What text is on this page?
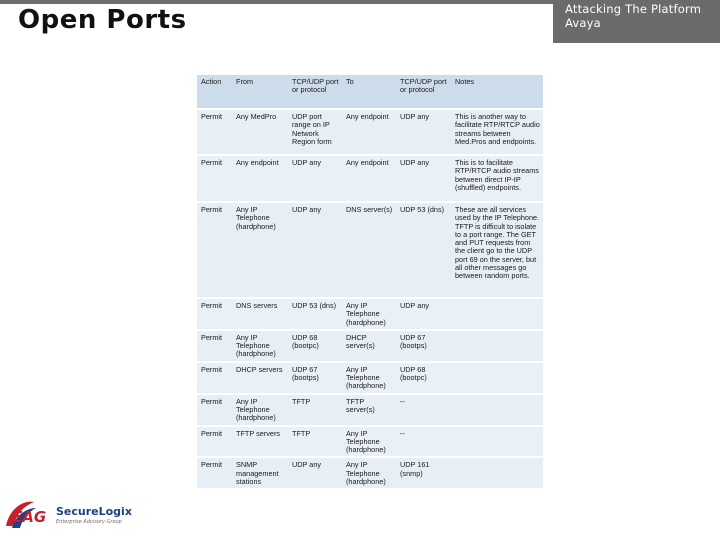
Attacking The Platform
Avaya
Open Ports
Action	From	TCP/UDP port or protocol	To	TCP/UDP port or protocol	Notes
Permit	Any MedPro	UDP port range on IP Network Region form	Any endpoint	UDP any	This is another way to facilitate RTP/RTCP audio streams between Med.Pros and endpoints.
Permit	Any endpoint	UDP any	Any endpoint	UDP any	This is to facilitate RTP/RTCP audio streams between direct IP-IP (shuffled) endpoints.
Permit	Any IP Telephone (hardphone)	UDP any	DNS server(s)	UDP 53 (dns)	These are all services used by the IP Telephone. TFTP is difficult to isolate to a port range. The GET and PUT requests from the client go to the UDP port 69 on the server, but all other messages go between random ports.
Permit	DNS servers	UDP 53 (dns)	Any IP Telephone (hardphone)	UDP any	
Permit	Any IP Telephone (hardphone)	UDP 68 (bootpc)	DHCP server(s)	UDP 67 (bootps)	
Permit	DHCP servers	UDP 67 (bootps)	Any IP Telephone (hardphone)	UDP 68 (bootpc)	
Permit	Any IP Telephone (hardphone)	TFTP	TFTP server(s)	--	
Permit	TFTP servers	TFTP	Any IP Telephone (hardphone)	--	
Permit	SNMP management stations	UDP any	Any IP Telephone (hardphone)	UDP 161 (snmp)	
EAG SecureLogix
Enterprise Advisory Group
